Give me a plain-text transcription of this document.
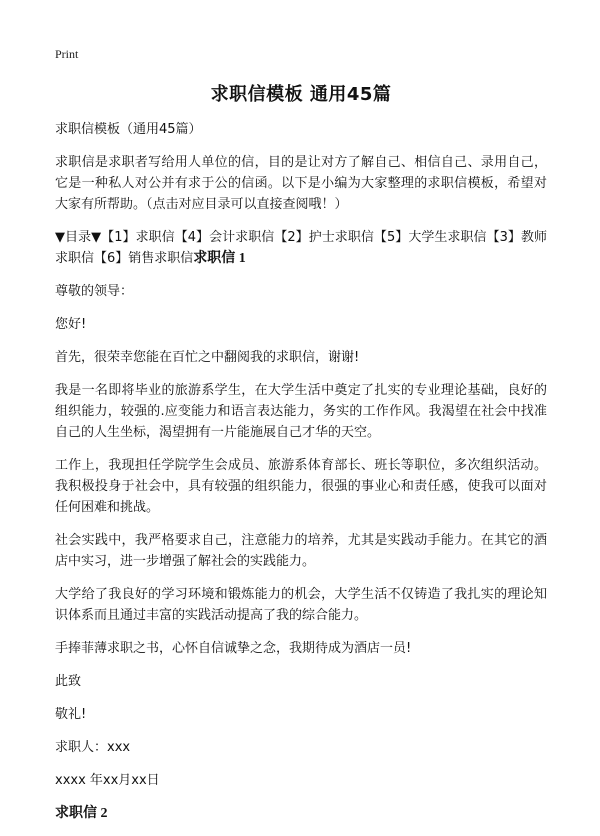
Print
求职信模板 通用45篇

求职信模板（通用45篇）

求职信是求职者写给用人单位的信，目的是让对方了解自己、相信自己、录用自己，它是一种私人对公并有求于公的信函。以下是小编为大家整理的求职信模板，希望对大家有所帮助。（点击对应目录可以直接查阅哦！）

▼目录▼【1】求职信【4】会计求职信【2】护士求职信【5】大学生求职信【3】教师求职信【6】销售求职信求职信 1

尊敬的领导：

您好!

首先，很荣幸您能在百忙之中翻阅我的求职信，谢谢!

我是一名即将毕业的旅游系学生，在大学生活中奠定了扎实的专业理论基础，良好的组织能力，较强的.应变能力和语言表达能力，务实的工作作风。我渴望在社会中找准自己的人生坐标，渴望拥有一片能施展自己才华的天空。

工作上，我现担任学院学生会成员、旅游系体育部长、班长等职位，多次组织活动。我积极投身于社会中，具有较强的组织能力，很强的事业心和责任感，使我可以面对任何困难和挑战。

社会实践中，我严格要求自己，注意能力的培养，尤其是实践动手能力。在其它的酒店中实习，进一步增强了解社会的实践能力。

大学给了我良好的学习环境和锻炼能力的机会，大学生活不仅铸造了我扎实的理论知识体系而且通过丰富的实践活动提高了我的综合能力。

手捧菲薄求职之书，心怀自信诚挚之念，我期待成为酒店一员!

此致

敬礼!

求职人：xxx

xxxx 年xx月xx日

求职信 2
